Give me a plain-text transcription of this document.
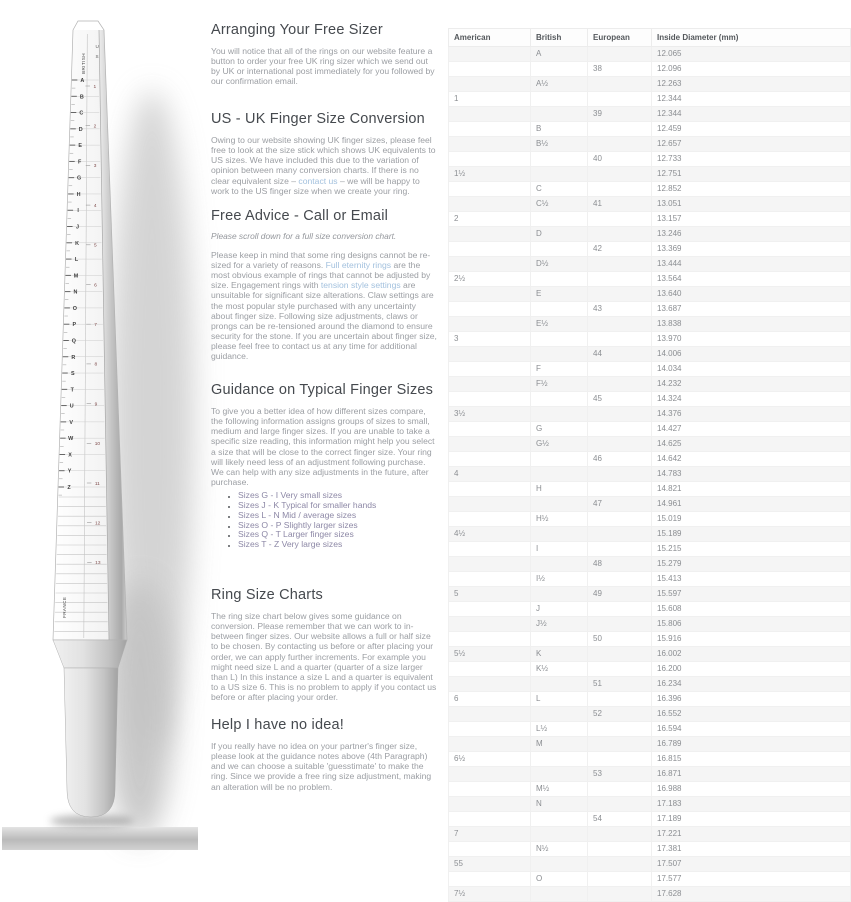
A
B
C
D
E
F
G
H
I
J
K
L
M
N
O
P
Q
R
S
T
U
V
W
X
Y
Z
1
2
3
4
5
6
7
8
9
10
11
12
13
BRITISH
U
S
FRANCE
Arranging Your Free Sizer

You will notice that all of the rings on our website feature a button to order your free UK ring sizer which we send out by UK or international post immediately for you followed by our confirmation email.

US - UK Finger Size Conversion

Owing to our website showing UK finger sizes, please feel free to look at the size stick which shows UK equivalents to US sizes. We have included this due to the variation of opinion between many conversion charts. If there is no clear equivalent size – contact us – we will be happy to work to the US finger size when we create your ring.

Free Advice - Call or Email

Please scroll down for a full size conversion chart.

Please keep in mind that some ring designs cannot be re-sized for a variety of reasons. Full eternity rings are the most obvious example of rings that cannot be adjusted by size. Engagement rings with tension style settings are unsuitable for significant size alterations. Claw settings are the most popular style purchased with any uncertainty about finger size. Following size adjustments, claws or prongs can be re-tensioned around the diamond to ensure security for the stone. If you are uncertain about finger size, please feel free to contact us at any time for additional guidance.

Guidance on Typical Finger Sizes

To give you a better idea of how different sizes compare, the following information assigns groups of sizes to small, medium and large finger sizes. If you are unable to take a specific size reading, this information might help you select a size that will be close to the correct finger size. Your ring will likely need less of an adjustment following purchase. We can help with any size adjustments in the future, after purchase.

• Sizes G - I Very small sizes
• Sizes J - K Typical for smaller hands
• Sizes L - N Mid / average sizes
• Sizes O - P Slightly larger sizes
• Sizes Q - T Larger finger sizes
• Sizes T - Z Very large sizes
Ring Size Charts

The ring size chart below gives some guidance on conversion. Please remember that we can work to in-between finger sizes. Our website allows a full or half size to be chosen. By contacting us before or after placing your order, we can apply further increments. For example you might need size L and a quarter (quarter of a size larger than L) In this instance a size L and a quarter is equivalent to a US size 6. This is no problem to apply if you contact us before or after placing your order.

Help I have no idea!

If you really have no idea on your partner's finger size, please look at the guidance notes above (4th Paragraph) and we can choose a suitable 'guesstimate' to make the ring. Since we provide a free ring size adjustment, making an alteration will be no problem.

American	British	European	Inside Diameter (mm)
	A		12.065
		38	12.096
	A½		12.263
1			12.344
		39	12.344
	B		12.459
	B½		12.657
		40	12.733
1½			12.751
	C		12.852
	C½	41	13.051
2			13.157
	D		13.246
		42	13.369
	D½		13.444
2½			13.564
	E		13.640
		43	13.687
	E½		13.838
3			13.970
		44	14.006
	F		14.034
	F½		14.232
		45	14.324
3½			14.376
	G		14.427
	G½		14.625
		46	14.642
4			14.783
	H		14.821
		47	14.961
	H½		15.019
4½			15.189
	I		15.215
		48	15.279
	I½		15.413
5		49	15.597
	J		15.608
	J½		15.806
		50	15.916
5½	K		16.002
	K½		16.200
		51	16.234
6	L		16.396
		52	16.552
	L½		16.594
	M		16.789
6½			16.815
		53	16.871
	M½		16.988
	N		17.183
		54	17.189
7			17.221
	N½		17.381
55			17.507
	O		17.577
7½			17.628
